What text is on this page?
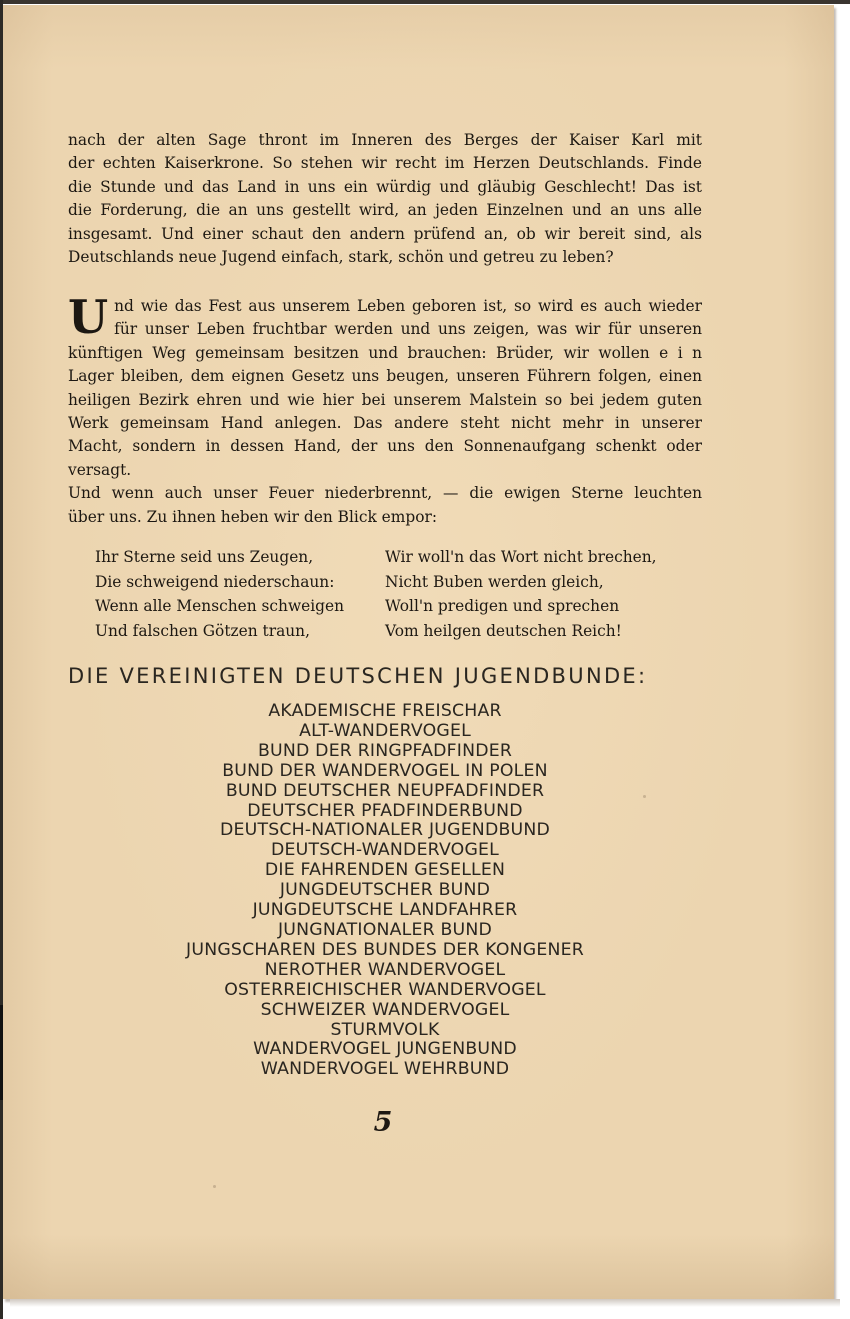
nach der alten Sage thront im Inneren des Berges der Kaiser Karl mit
der echten Kaiserkrone. So stehen wir recht im Herzen Deutschlands. Finde
die Stunde und das Land in uns ein würdig und gläubig Geschlecht! Das ist
die Forderung, die an uns gestellt wird, an jeden Einzelnen und an uns alle
insgesamt. Und einer schaut den andern prüfend an, ob wir bereit sind, als
Deutschlands neue Jugend einfach, stark, schön und getreu zu leben?
U nd wie das Fest aus unserem Leben geboren ist, so wird es auch wieder
für unser Leben fruchtbar werden und uns zeigen, was wir für unseren
künftigen Weg gemeinsam besitzen und brauchen: Brüder, wir wollen e i n
Lager bleiben, dem eignen Gesetz uns beugen, unseren Führern folgen, einen
heiligen Bezirk ehren und wie hier bei unserem Malstein so bei jedem guten
Werk gemeinsam Hand anlegen. Das andere steht nicht mehr in unserer
Macht, sondern in dessen Hand, der uns den Sonnenaufgang schenkt oder
versagt.
Und wenn auch unser Feuer niederbrennt, — die ewigen Sterne leuchten
über uns. Zu ihnen heben wir den Blick empor:
Ihr Sterne seid uns Zeugen,
Die schweigend niederschaun:
Wenn alle Menschen schweigen
Und falschen Götzen traun,
Wir woll'n das Wort nicht brechen,
Nicht Buben werden gleich,
Woll'n predigen und sprechen
Vom heilgen deutschen Reich!
DIE VEREINIGTEN DEUTSCHEN JUGENDBUNDE:
AKADEMISCHE FREISCHAR
ALT-WANDERVOGEL
BUND DER RINGPFADFINDER
BUND DER WANDERVOGEL IN POLEN
BUND DEUTSCHER NEUPFADFINDER
DEUTSCHER PFADFINDERBUND
DEUTSCH-NATIONALER JUGENDBUND
DEUTSCH-WANDERVOGEL
DIE FAHRENDEN GESELLEN
JUNGDEUTSCHER BUND
JUNGDEUTSCHE LANDFAHRER
JUNGNATIONALER BUND
JUNGSCHAREN DES BUNDES DER KONGENER
NEROTHER WANDERVOGEL
OSTERREICHISCHER WANDERVOGEL
SCHWEIZER WANDERVOGEL
STURMVOLK
WANDERVOGEL JUNGENBUND
WANDERVOGEL WEHRBUND
5
